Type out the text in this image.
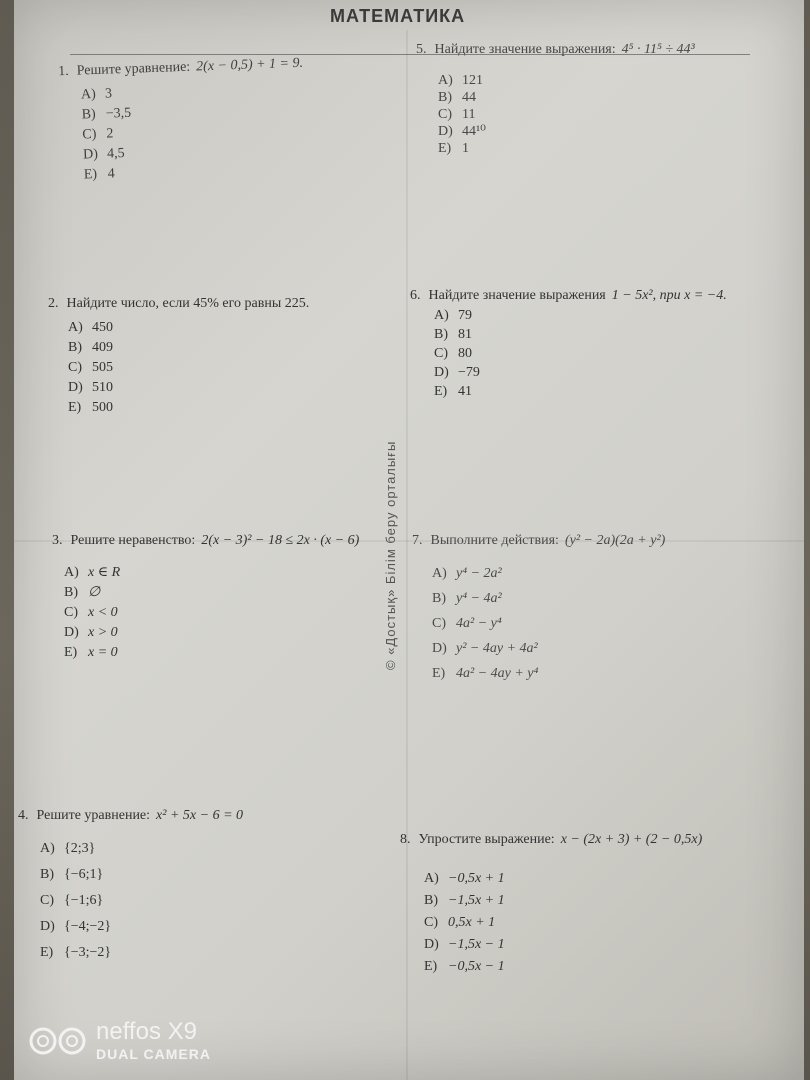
МАТЕМАТИКА
1. Решите уравнение: 2(x − 0,5) + 1 = 9.
A) 3
B) −3,5
C) 2
D) 4,5
E) 4
2. Найдите число, если 45% его равны 225.
A) 450
B) 409
C) 505
D) 510
E) 500
3. Решите неравенство: 2(x − 3)² − 18 ≤ 2x · (x − 6)
A) x ∈ R
B) ∅
C) x < 0
D) x > 0
E) x = 0
4. Решите уравнение: x² + 5x − 6 = 0
A) {2;3}
B) {−6;1}
C) {−1;6}
D) {−4;−2}
E) {−3;−2}
5. Найдите значение выражения: 4⁵ · 11⁵ ÷ 44³
A) 121
B) 44
C) 11
D) 44¹⁰
E) 1
6. Найдите значение выражения 1 − 5x², при x = −4.
A) 79
B) 81
C) 80
D) −79
E) 41
7. Выполните действия: (y² − 2a)(2a + y²)
A) y⁴ − 2a²
B) y⁴ − 4a²
C) 4a² − y⁴
D) y² − 4ay + 4a²
E) 4a² − 4ay + y⁴
8. Упростите выражение: x − (2x + 3) + (2 − 0,5x)
A) −0,5x + 1
B) −1,5x + 1
C) 0,5x + 1
D) −1,5x − 1
E) −0,5x − 1
© «Достық» Білім беру орталығы
neffos X9
DUAL CAMERA
